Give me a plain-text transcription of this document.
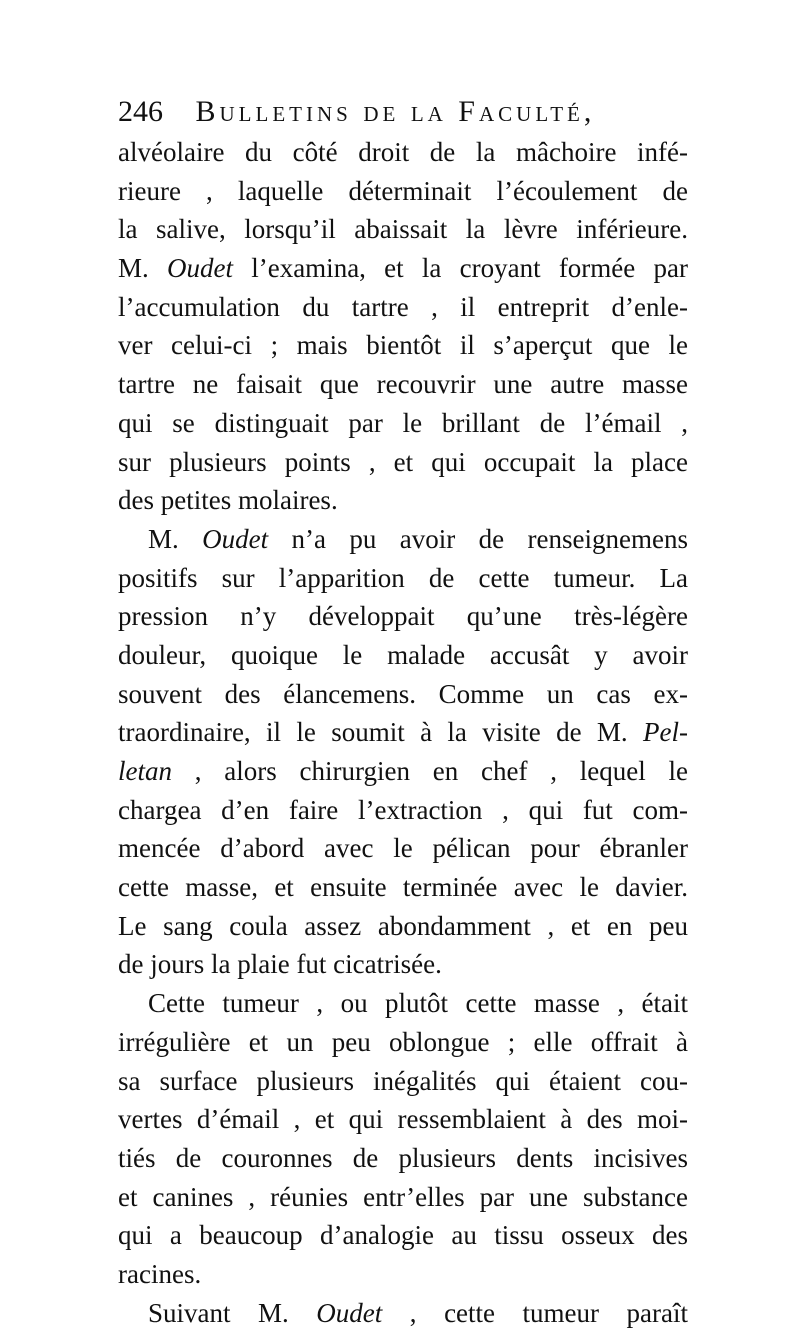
246 Bulletins de la Faculté,
alvéolaire du côté droit de la mâchoire infé-
rieure , laquelle déterminait l’écoulement de
la salive, lorsqu’il abaissait la lèvre inférieure.
M. Oudet l’examina, et la croyant formée par
l’accumulation du tartre , il entreprit d’enle-
ver celui-ci ; mais bientôt il s’aperçut que le
tartre ne faisait que recouvrir une autre masse
qui se distinguait par le brillant de l’émail ,
sur plusieurs points , et qui occupait la place
des petites molaires.
M. Oudet n’a pu avoir de renseignemens
positifs sur l’apparition de cette tumeur. La
pression n’y développait qu’une très-légère
douleur, quoique le malade accusât y avoir
souvent des élancemens. Comme un cas ex-
traordinaire, il le soumit à la visite de M. Pel-
letan , alors chirurgien en chef , lequel le
chargea d’en faire l’extraction , qui fut com-
mencée d’abord avec le pélican pour ébranler
cette masse, et ensuite terminée avec le davier.
Le sang coula assez abondamment , et en peu
de jours la plaie fut cicatrisée.
Cette tumeur , ou plutôt cette masse , était
irrégulière et un peu oblongue ; elle offrait à
sa surface plusieurs inégalités qui étaient cou-
vertes d’émail , et qui ressemblaient à des moi-
tiés de couronnes de plusieurs dents incisives
et canines , réunies entr’elles par une substance
qui a beaucoup d’analogie au tissu osseux des
racines.
Suivant M. Oudet , cette tumeur paraît
